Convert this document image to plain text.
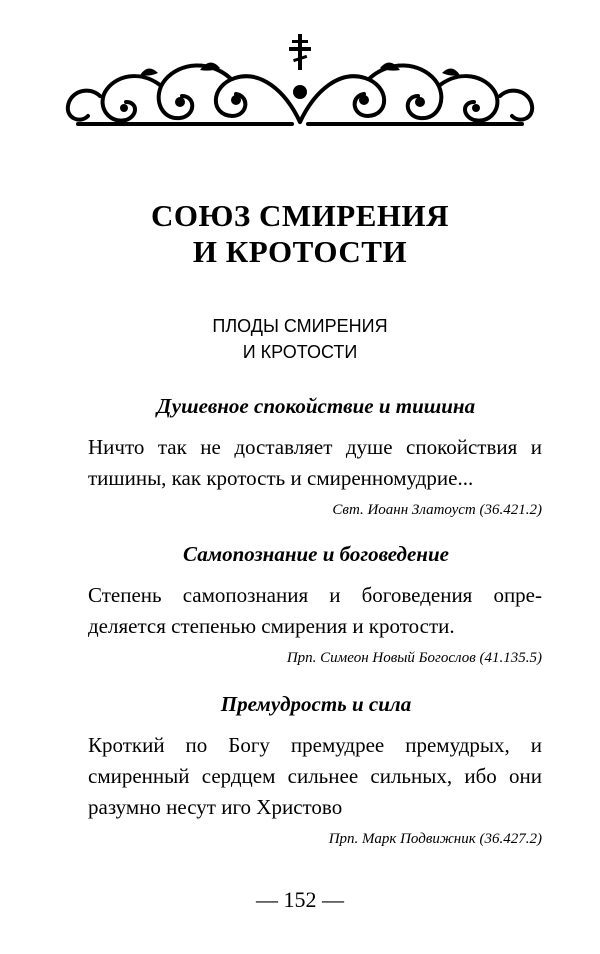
СОЮЗ СМИРЕНИЯ
И КРОТОСТИ
ПЛОДЫ СМИРЕНИЯ
И КРОТОСТИ

Душевное спокойствие и тишина

Ничто так не доставляет душе спокойствия и
тишины, как кротость и смиренномудрие...

Свт. Иоанн Златоуст (36.421.2)

Самопознание и боговедение

Степень самопознания и боговедения опре-
деляется степенью смирения и кротости.

Прп. Симеон Новый Богослов (41.135.5)

Премудрость и сила

Кроткий по Богу премудрее премудрых, и
смиренный сердцем сильнее сильных, ибо они
разумно несут иго Христово

Прп. Марк Подвижник (36.427.2)

— 152 —
